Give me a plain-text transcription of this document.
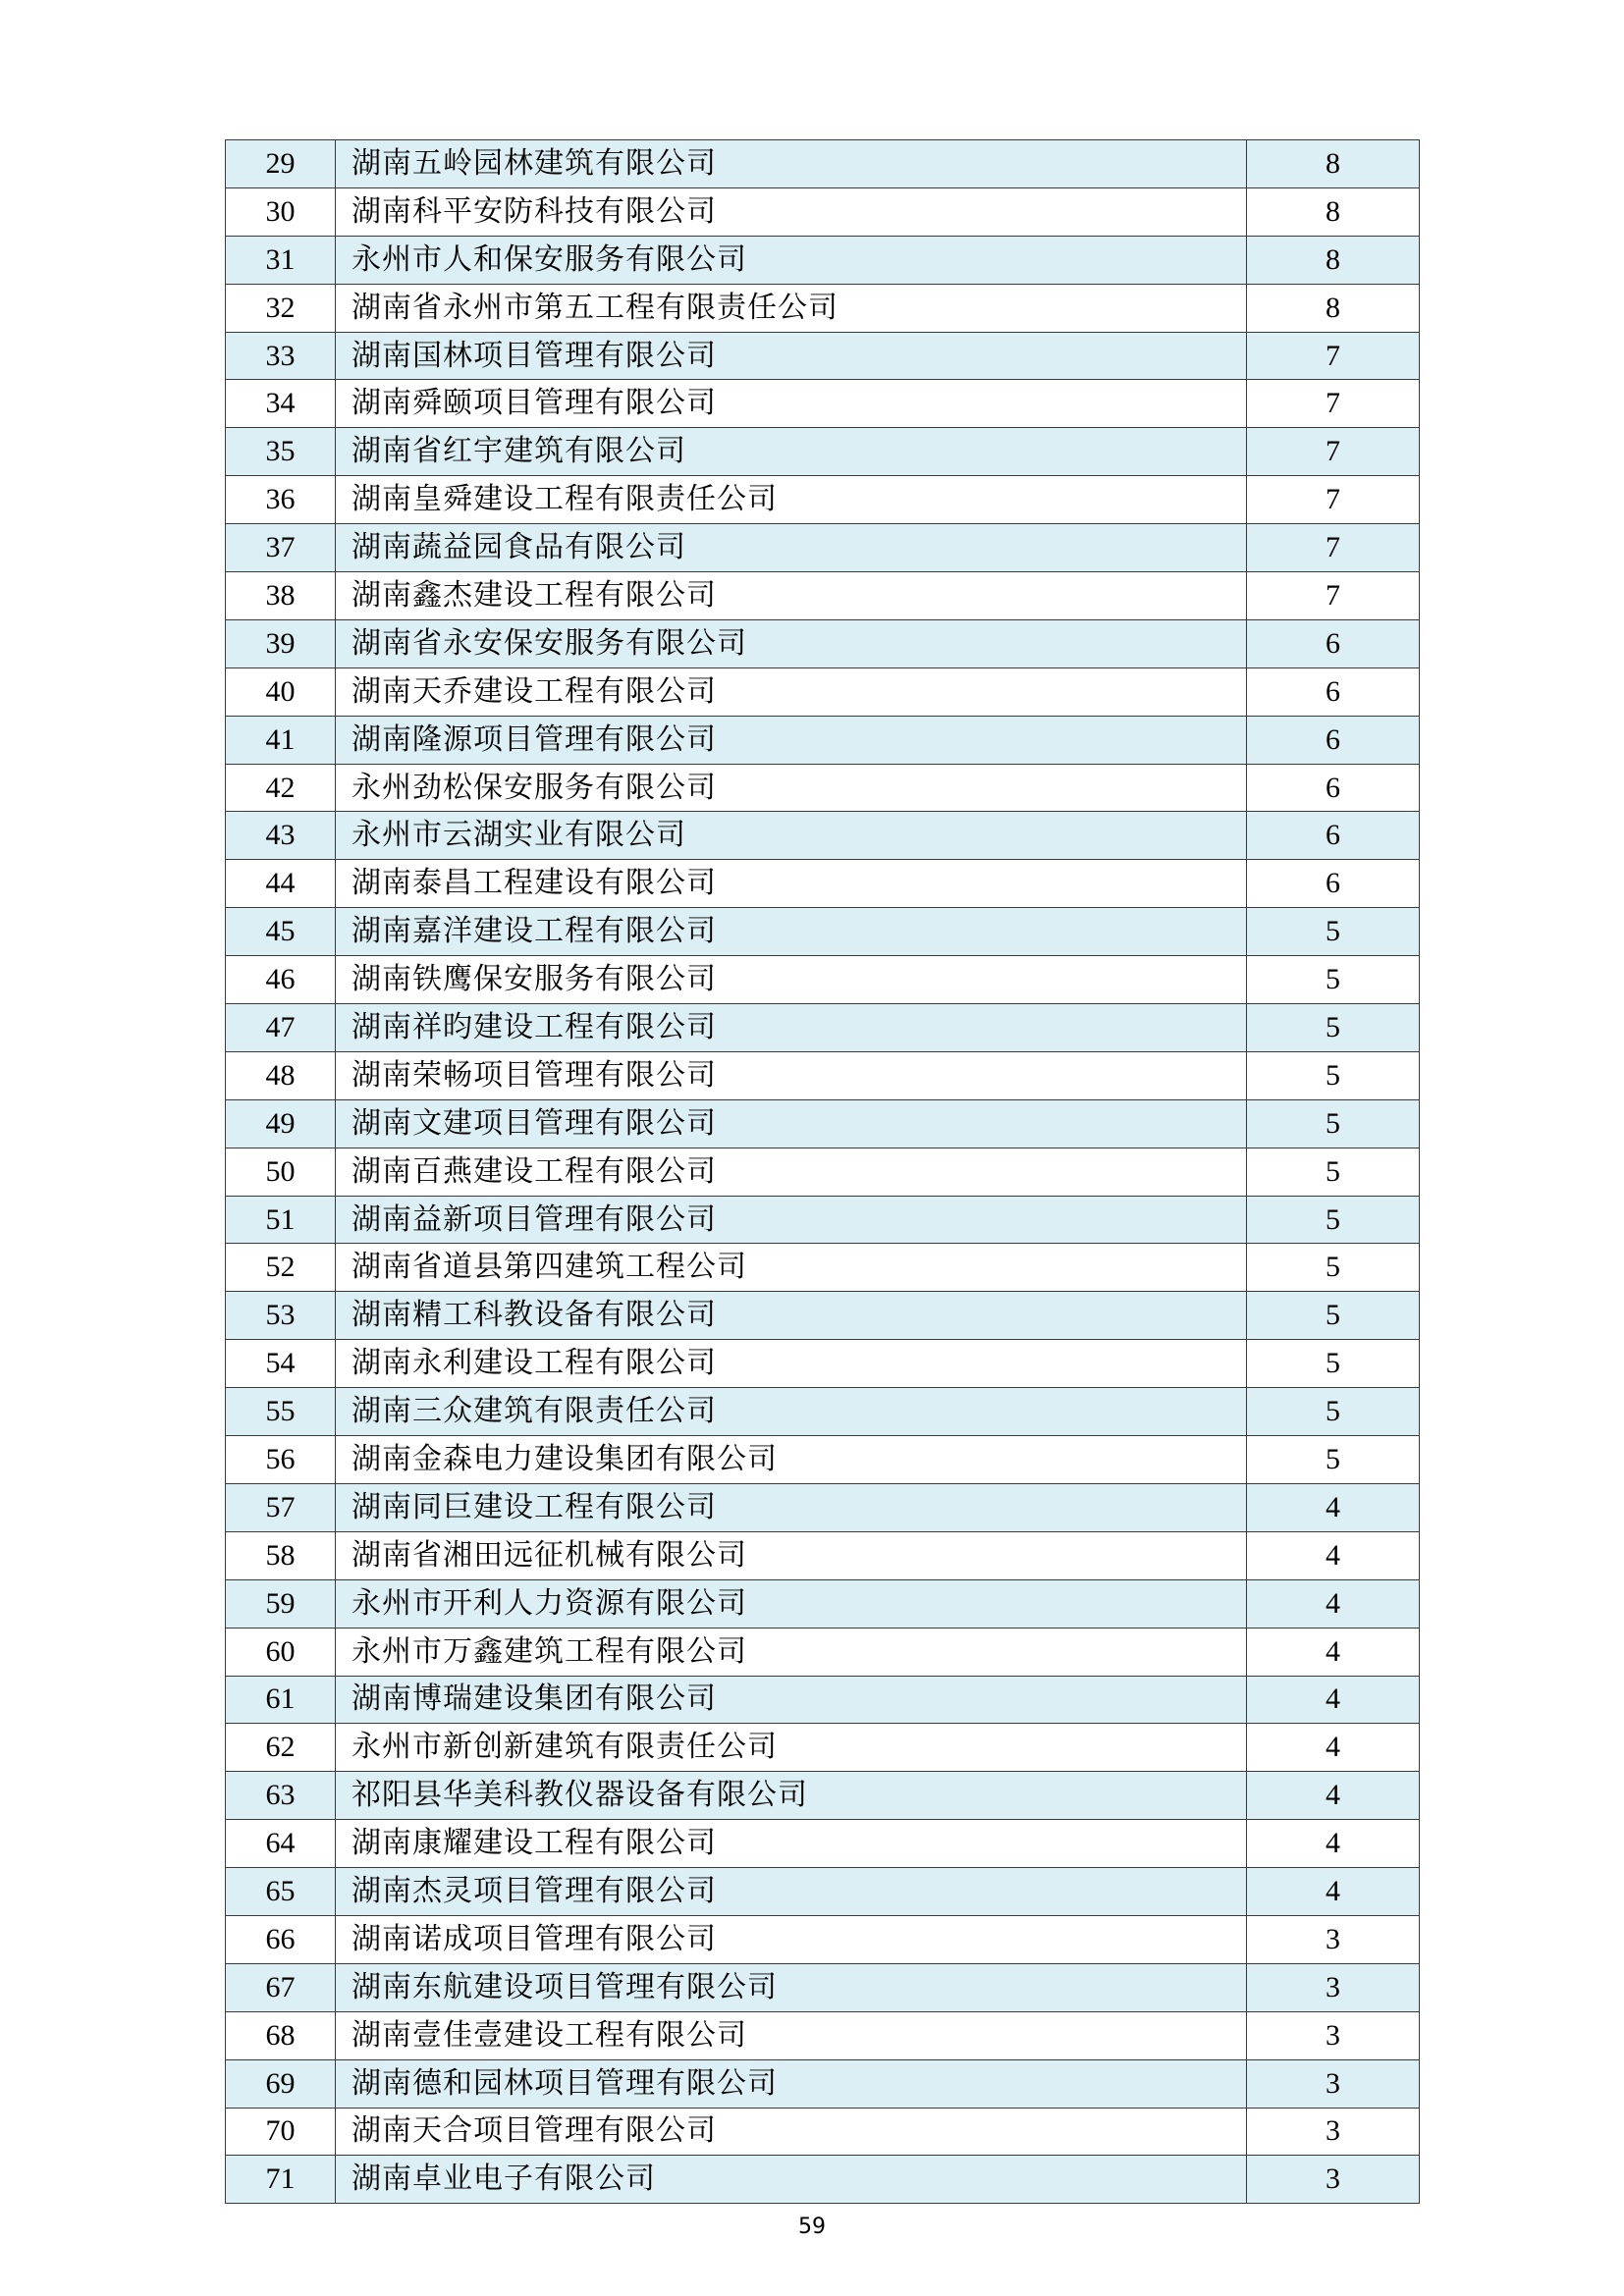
29	湖南五岭园林建筑有限公司	8
30	湖南科平安防科技有限公司	8
31	永州市人和保安服务有限公司	8
32	湖南省永州市第五工程有限责任公司	8
33	湖南国林项目管理有限公司	7
34	湖南舜颐项目管理有限公司	7
35	湖南省红宇建筑有限公司	7
36	湖南皇舜建设工程有限责任公司	7
37	湖南蔬益园食品有限公司	7
38	湖南鑫杰建设工程有限公司	7
39	湖南省永安保安服务有限公司	6
40	湖南天乔建设工程有限公司	6
41	湖南隆源项目管理有限公司	6
42	永州劲松保安服务有限公司	6
43	永州市云湖实业有限公司	6
44	湖南泰昌工程建设有限公司	6
45	湖南嘉洋建设工程有限公司	5
46	湖南铁鹰保安服务有限公司	5
47	湖南祥昀建设工程有限公司	5
48	湖南荣畅项目管理有限公司	5
49	湖南文建项目管理有限公司	5
50	湖南百燕建设工程有限公司	5
51	湖南益新项目管理有限公司	5
52	湖南省道县第四建筑工程公司	5
53	湖南精工科教设备有限公司	5
54	湖南永利建设工程有限公司	5
55	湖南三众建筑有限责任公司	5
56	湖南金森电力建设集团有限公司	5
57	湖南同巨建设工程有限公司	4
58	湖南省湘田远征机械有限公司	4
59	永州市开利人力资源有限公司	4
60	永州市万鑫建筑工程有限公司	4
61	湖南博瑞建设集团有限公司	4
62	永州市新创新建筑有限责任公司	4
63	祁阳县华美科教仪器设备有限公司	4
64	湖南康耀建设工程有限公司	4
65	湖南杰灵项目管理有限公司	4
66	湖南诺成项目管理有限公司	3
67	湖南东航建设项目管理有限公司	3
68	湖南壹佳壹建设工程有限公司	3
69	湖南德和园林项目管理有限公司	3
70	湖南天合项目管理有限公司	3
71	湖南卓业电子有限公司	3
59
